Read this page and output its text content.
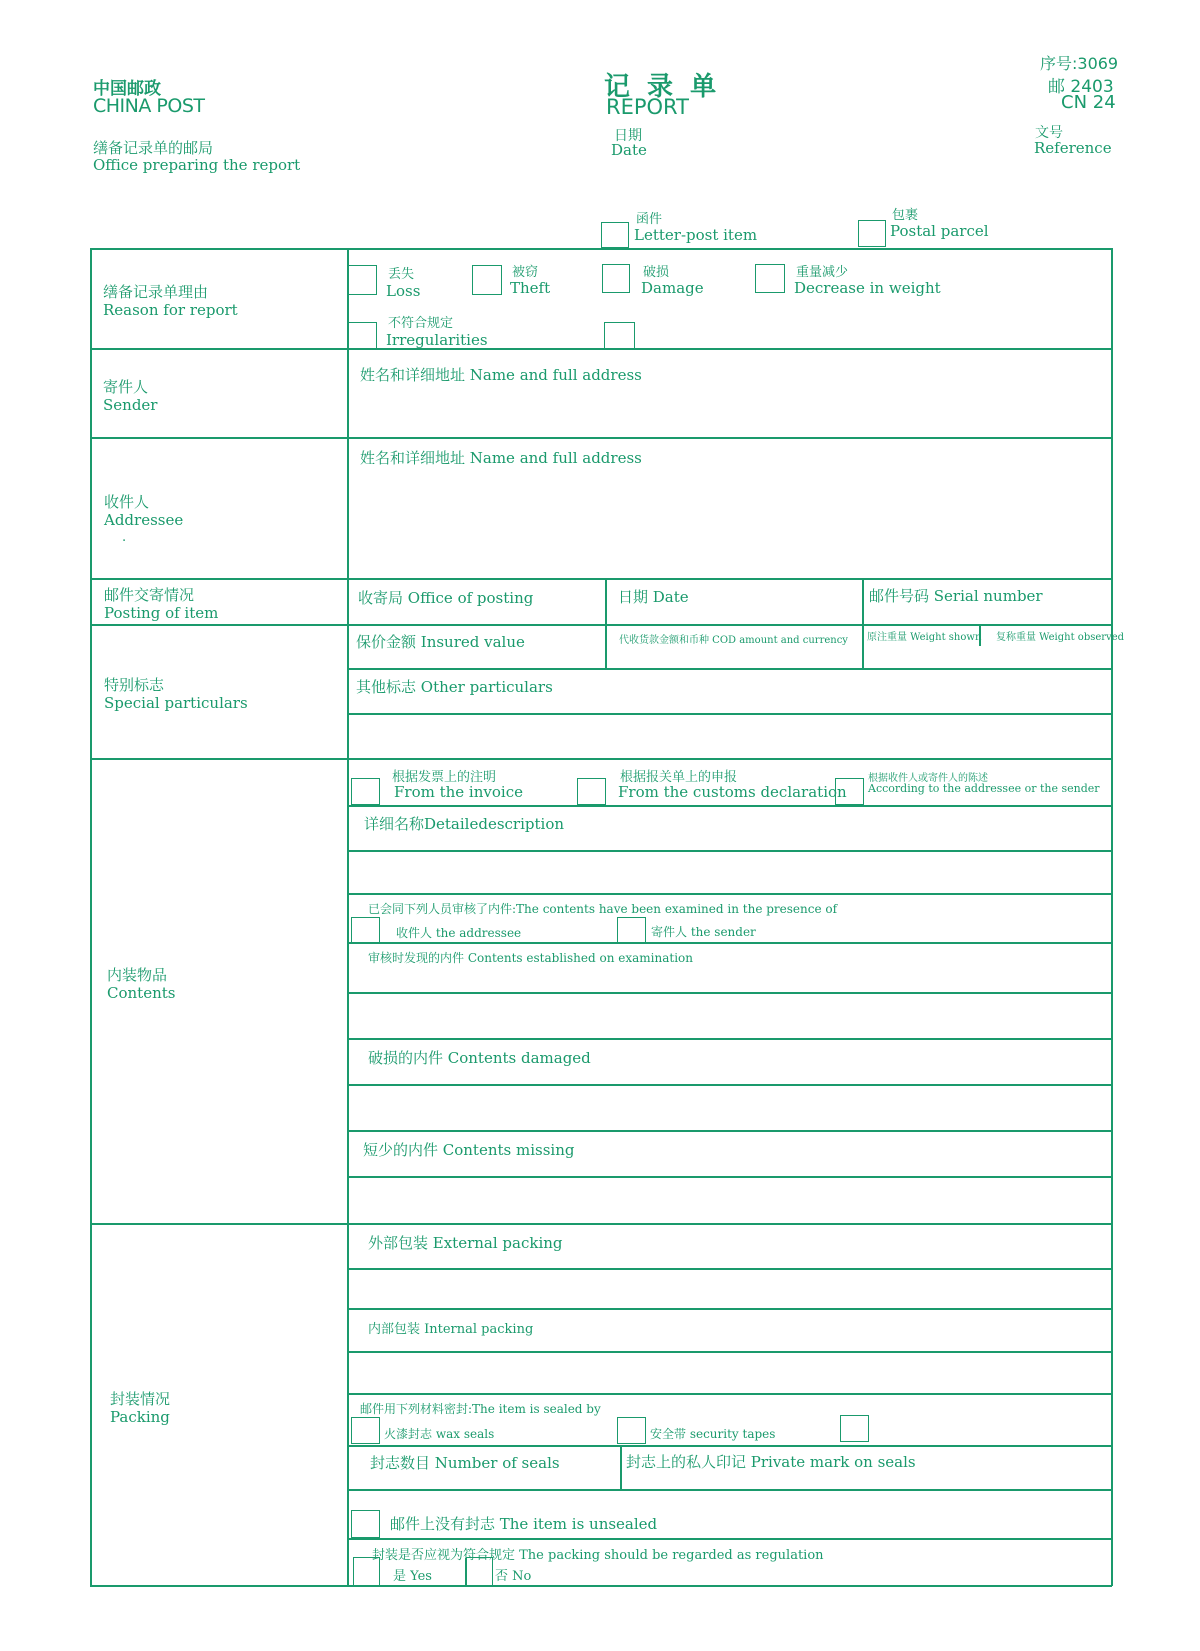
中国邮政
CHINA POST
缮备记录单的邮局
Office preparing the report
记 录 单
REPORT
日期
Date
序号:3069
邮 2403
CN 24
文号
Reference
函件
Letter-post item
包裹
Postal parcel
缮备记录单理由
Reason for report
丢失
Loss
被窃
Theft
破损
Damage
重量减少
Decrease in weight
不符合规定
Irregularities
寄件人
Sender
姓名和详细地址 Name and full address
收件人
Addressee
.
姓名和详细地址 Name and full address
邮件交寄情况
Posting of item
收寄局 Office of posting	日期 Date	邮件号码 Serial number
特别标志
Special particulars
保价金额 Insured value	代收货款金额和币种 COD amount and currency 原注重量 Weight shown 复称重量 Weight observed
其他标志 Other particulars
内装物品
Contents
根据发票上的注明
From the invoice
根据报关单上的申报
From the customs declaration
根据收件人或寄件人的陈述
According to the addressee or the sender
详细名称Detailedescription
已会同下列人员审核了内件:The contents have been examined in the presence of
收件人 the addressee	寄件人 the sender
审核时发现的内件 Contents established on examination
破损的内件 Contents damaged
短少的内件 Contents missing
封装情况
Packing
外部包装 External packing
内部包装 Internal packing
邮件用下列材料密封:The item is sealed by
火漆封志 wax seals	安全带 security tapes
封志数目 Number of seals	封志上的私人印记 Private mark on seals
邮件上没有封志 The item is unsealed
封装是否应视为符合规定 The packing should be regarded as regulation
是 Yes	否 No
